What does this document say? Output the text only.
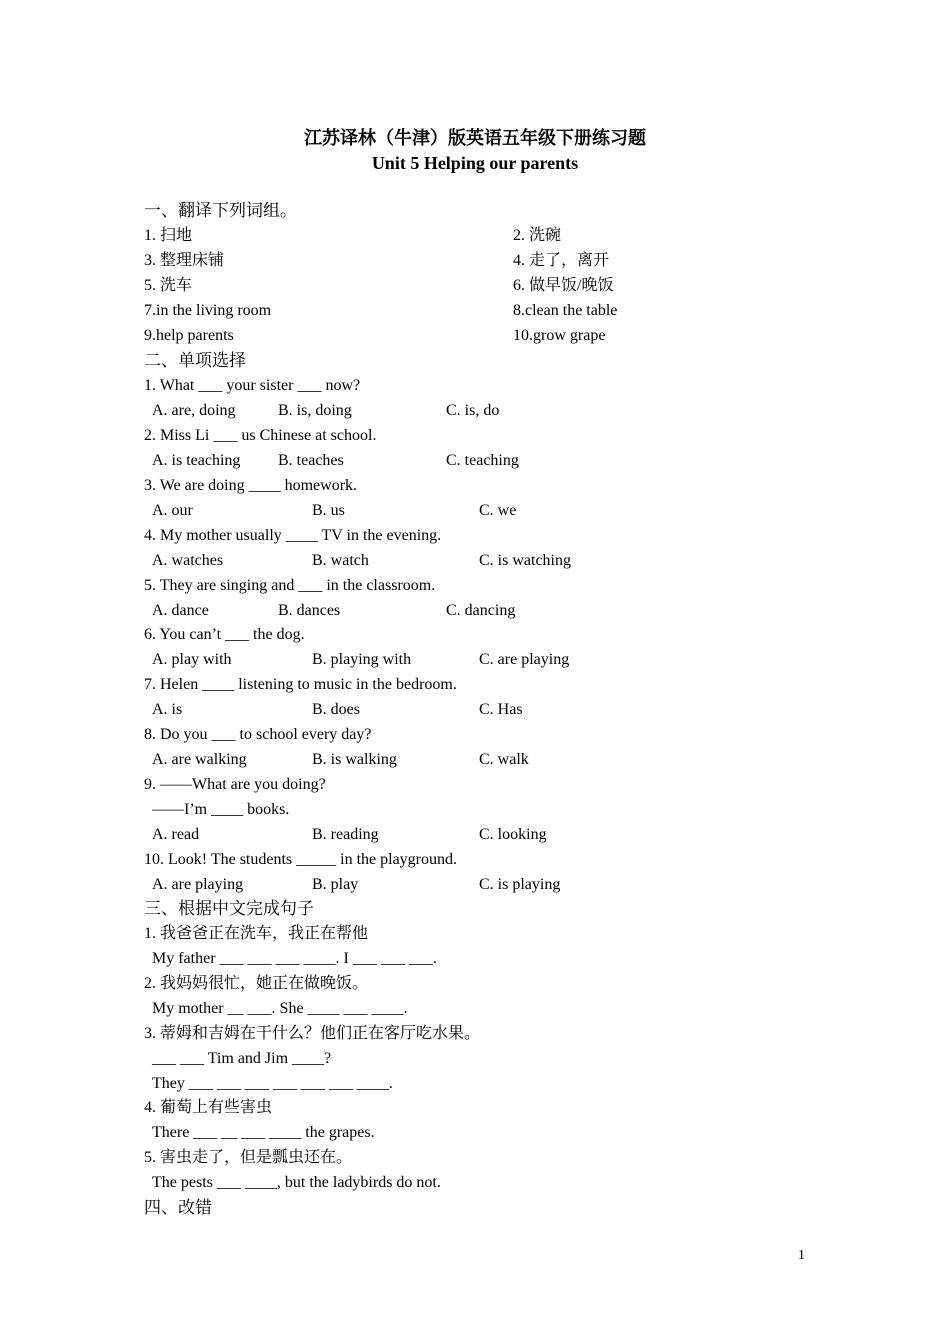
江苏译林（牛津）版英语五年级下册练习题
Unit 5 Helping our parents
一、翻译下列词组。
1. 扫地	2. 洗碗
3. 整理床铺	4. 走了，离开
5. 洗车	6. 做早饭/晚饭
7.in the living room	8.clean the table
9.help parents	10.grow grape
二、单项选择
1. What ___ your sister ___ now?
A. are, doing	B. is, doing	C. is, do
2. Miss Li ___ us Chinese at school.
A. is teaching B. teaches	C. teaching
3. We are doing ____ homework.
A. our	B. us	C. we
4. My mother usually ____ TV in the evening.
A. watches	B. watch	C. is watching
5. They are singing and ___ in the classroom.
A. dance	B. dances	C. dancing
6. You can’t ___ the dog.
A. play with	B. playing with	C. are playing
7. Helen ____ listening to music in the bedroom.
A. is	B. does	C. Has
8. Do you ___ to school every day?
A. are walking	B. is walking	C. walk
9. ——What are you doing?
——I’m ____ books.
A. read	B. reading	C. looking
10. Look! The students _____ in the playground.
A. are playing	B. play	C. is playing
三、根据中文完成句子
1. 我爸爸正在洗车，我正在帮他
My father ___ ___ ___ ____. I ___ ___ ___.
2. 我妈妈很忙，她正在做晚饭。
My mother __ ___. She ____ ___ ____.
3. 蒂姆和吉姆在干什么？他们正在客厅吃水果。
___ ___ Tim and Jim ____?
They ___ ___ ___ ___ ___ ___ ____.
4. 葡萄上有些害虫
There ___ __ ___ ____ the grapes.
5. 害虫走了，但是瓢虫还在。
The pests ___ ____, but the ladybirds do not.
四、改错
1
